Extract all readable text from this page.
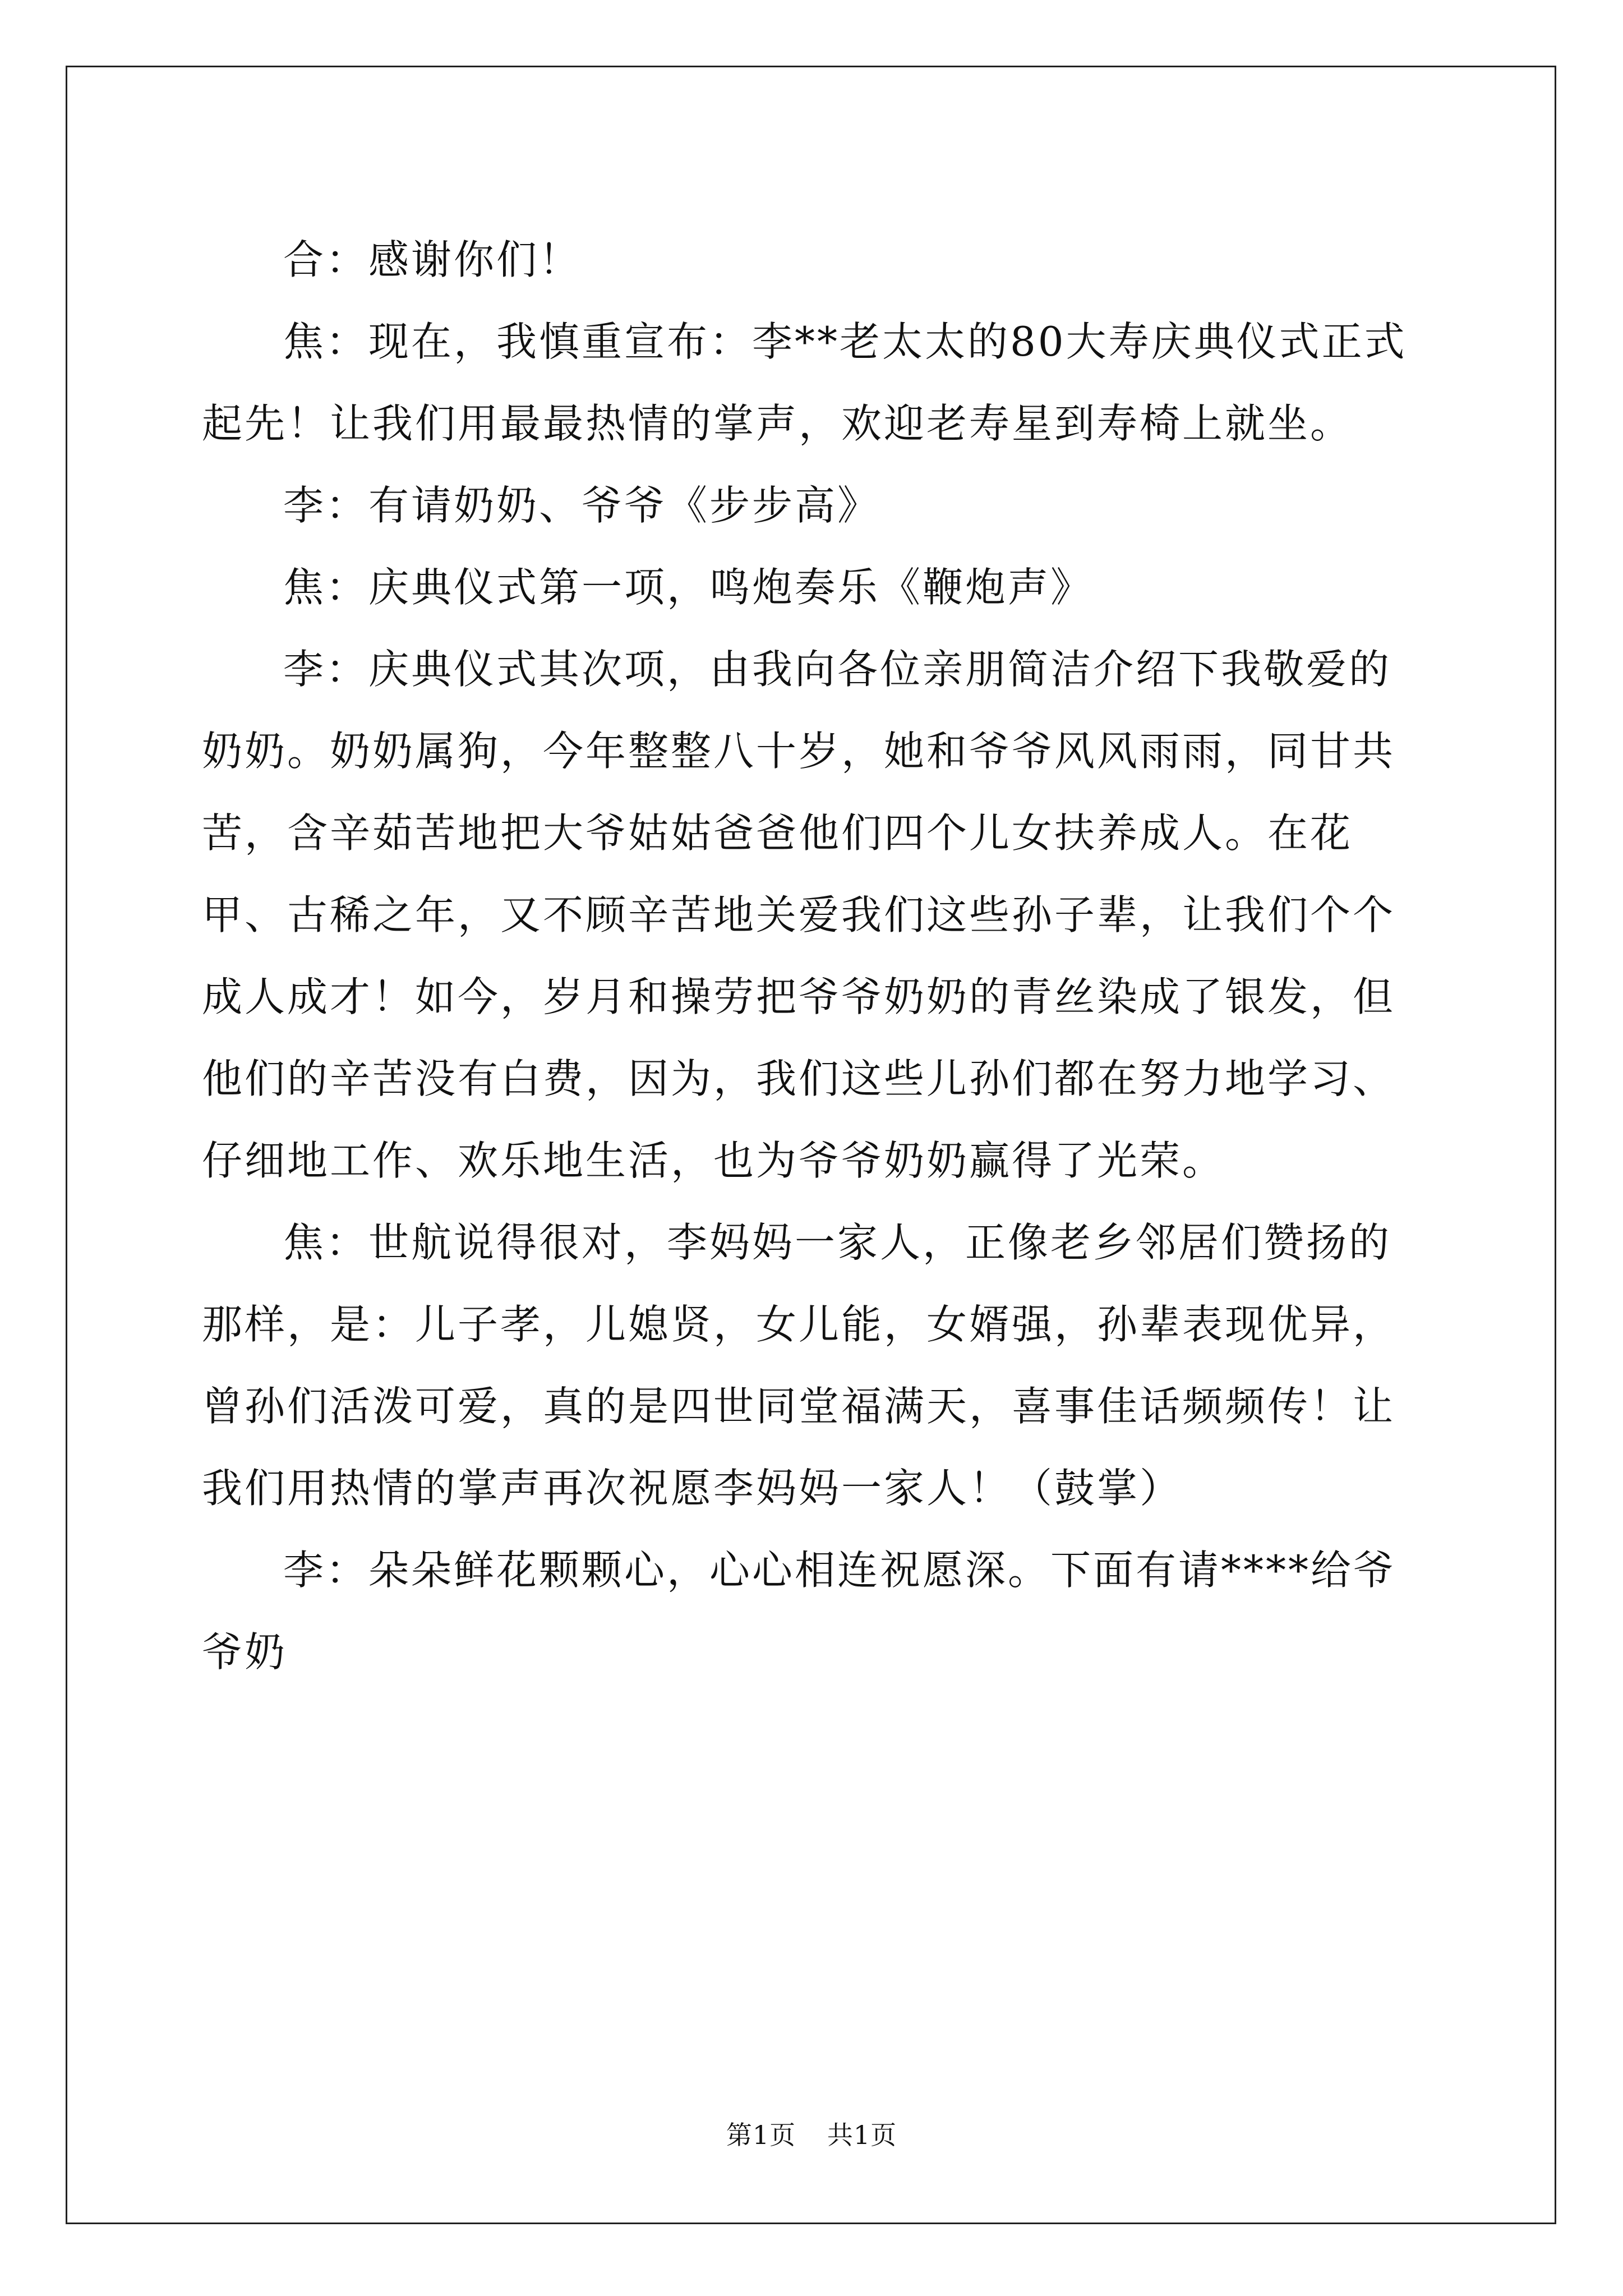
合：感谢你们！

焦：现在，我慎重宣布：李**老太太的80大寿庆典仪式正式起先！让我们用最最热情的掌声，欢迎老寿星到寿椅上就坐。

李：有请奶奶、爷爷《步步高》

焦：庆典仪式第一项，鸣炮奏乐《鞭炮声》

李：庆典仪式其次项，由我向各位亲朋简洁介绍下我敬爱的奶奶。奶奶属狗，今年整整八十岁，她和爷爷风风雨雨，同甘共苦，含辛茹苦地把大爷姑姑爸爸他们四个儿女扶养成人。在花甲、古稀之年，又不顾辛苦地关爱我们这些孙子辈，让我们个个成人成才！如今，岁月和操劳把爷爷奶奶的青丝染成了银发，但他们的辛苦没有白费，因为，我们这些儿孙们都在努力地学习、仔细地工作、欢乐地生活，也为爷爷奶奶赢得了光荣。

焦：世航说得很对，李妈妈一家人，正像老乡邻居们赞扬的那样，是：儿子孝，儿媳贤，女儿能，女婿强，孙辈表现优异，曾孙们活泼可爱，真的是四世同堂福满天，喜事佳话频频传！让我们用热情的掌声再次祝愿李妈妈一家人！（鼓掌）

李：朵朵鲜花颗颗心，心心相连祝愿深。下面有请****给爷爷奶

第1页 共1页
